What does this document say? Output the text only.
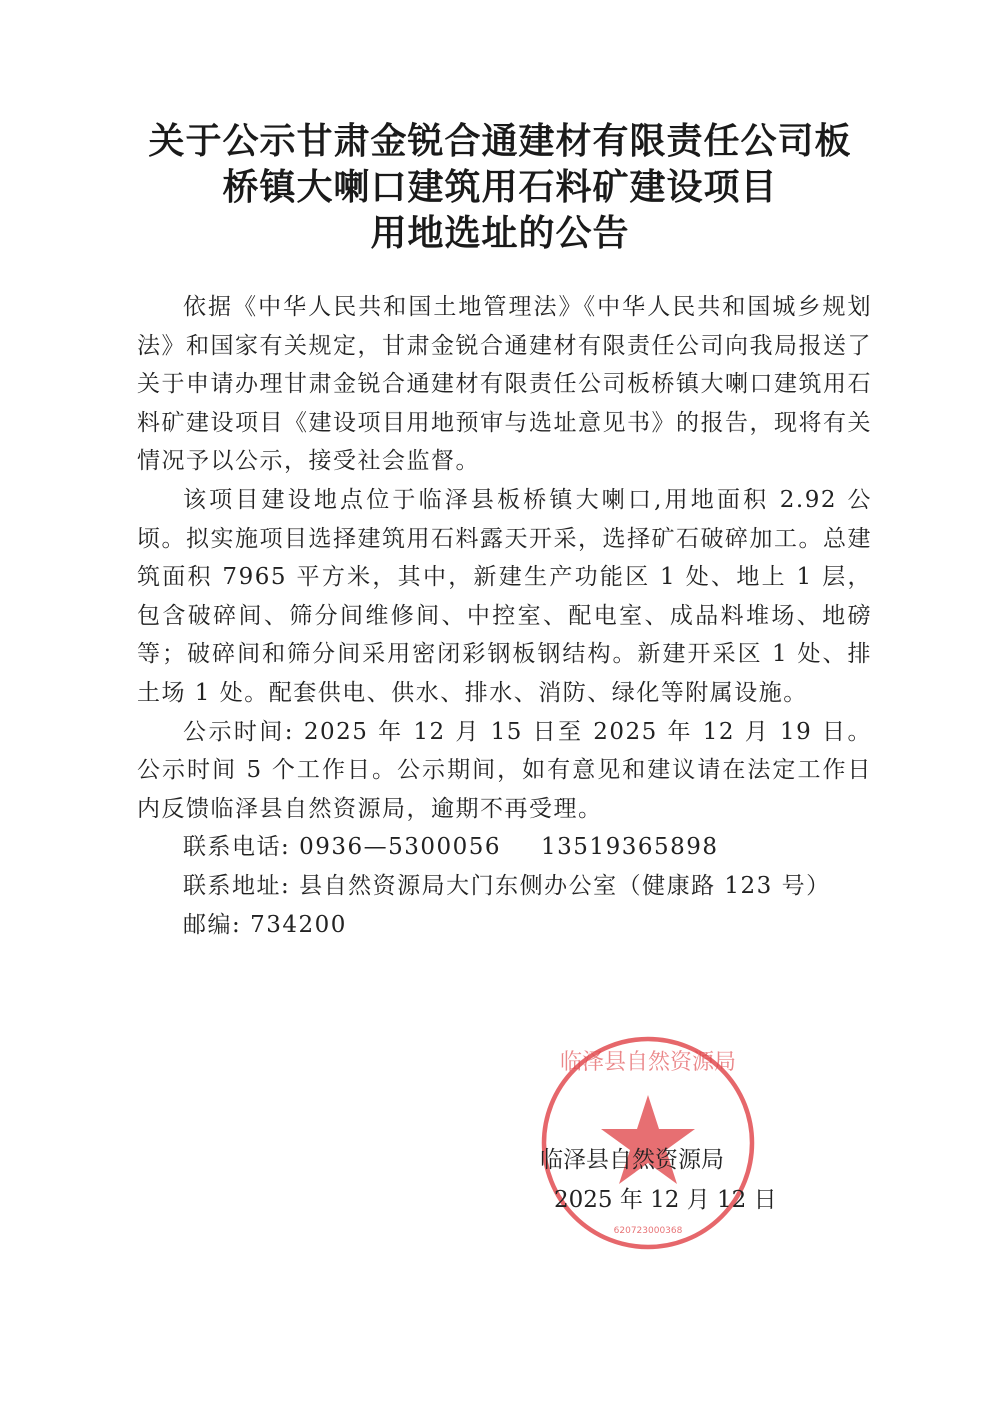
关于公示甘肃金锐合通建材有限责任公司板
桥镇大喇口建筑用石料矿建设项目
用地选址的公告

依据《中华人民共和国土地管理法》《中华人民共和国城乡规划法》和国家有关规定，甘肃金锐合通建材有限责任公司向我局报送了关于申请办理甘肃金锐合通建材有限责任公司板桥镇大喇口建筑用石料矿建设项目《建设项目用地预审与选址意见书》的报告，现将有关情况予以公示，接受社会监督。

该项目建设地点位于临泽县板桥镇大喇口,用地面积 2.92 公顷。拟实施项目选择建筑用石料露天开采，选择矿石破碎加工。总建筑面积 7965 平方米，其中，新建生产功能区 1 处、地上 1 层，包含破碎间、筛分间维修间、中控室、配电室、成品料堆场、地磅等；破碎间和筛分间采用密闭彩钢板钢结构。新建开采区 1 处、排土场 1 处。配套供电、供水、排水、消防、绿化等附属设施。

公示时间: 2025 年 12 月 15 日至 2025 年 12 月 19 日。公示时间 5 个工作日。公示期间，如有意见和建议请在法定工作日内反馈临泽县自然资源局，逾期不再受理。

联系电话: 0936—5300056 13519365898

联系地址: 县自然资源局大门东侧办公室（健康路 123 号）

邮编: 734200

临泽县自然资源局
620723000368
临泽县自然资源局
2025 年 12 月 12 日
